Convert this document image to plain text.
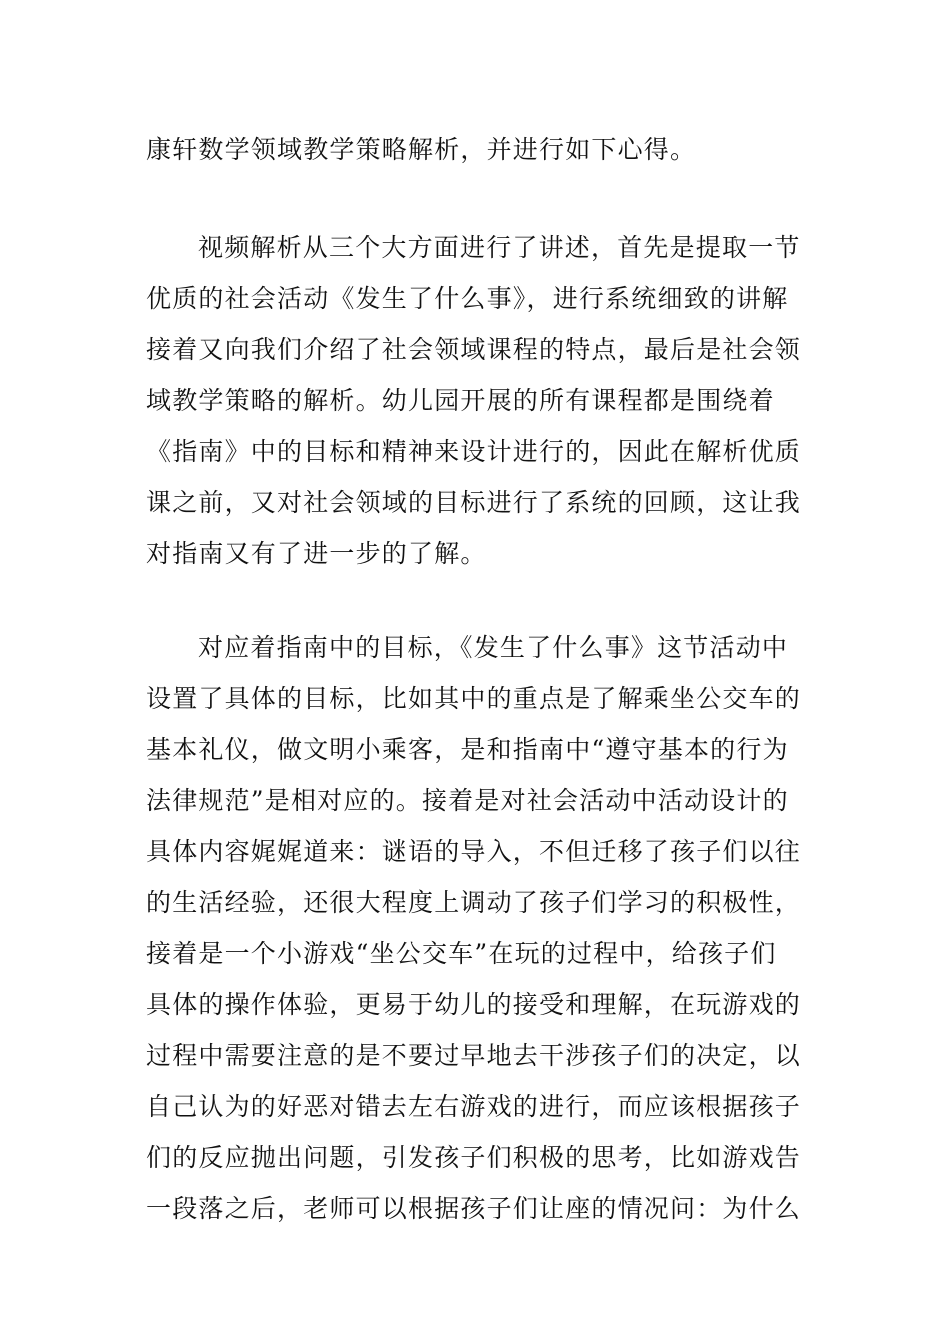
康轩数学领域教学策略解析，并进行如下心得。
视频解析从三个大方面进行了讲述，首先是提取一节
优质的社会活动《发生了什么事》，进行系统细致的讲解
接着又向我们介绍了社会领域课程的特点，最后是社会领
域教学策略的解析。幼儿园开展的所有课程都是围绕着
《指南》中的目标和精神来设计进行的，因此在解析优质
课之前，又对社会领域的目标进行了系统的回顾，这让我
对指南又有了进一步的了解。
对应着指南中的目标，《发生了什么事》这节活动中
设置了具体的目标，比如其中的重点是了解乘坐公交车的
基本礼仪，做文明小乘客，是和指南中“遵守基本的行为
法律规范”是相对应的。接着是对社会活动中活动设计的
具体内容娓娓道来：谜语的导入，不但迁移了孩子们以往
的生活经验，还很大程度上调动了孩子们学习的积极性，
接着是一个小游戏“坐公交车”在玩的过程中，给孩子们
具体的操作体验，更易于幼儿的接受和理解，在玩游戏的
过程中需要注意的是不要过早地去干涉孩子们的决定，以
自己认为的好恶对错去左右游戏的进行，而应该根据孩子
们的反应抛出问题，引发孩子们积极的思考，比如游戏告
一段落之后，老师可以根据孩子们让座的情况问：为什么
